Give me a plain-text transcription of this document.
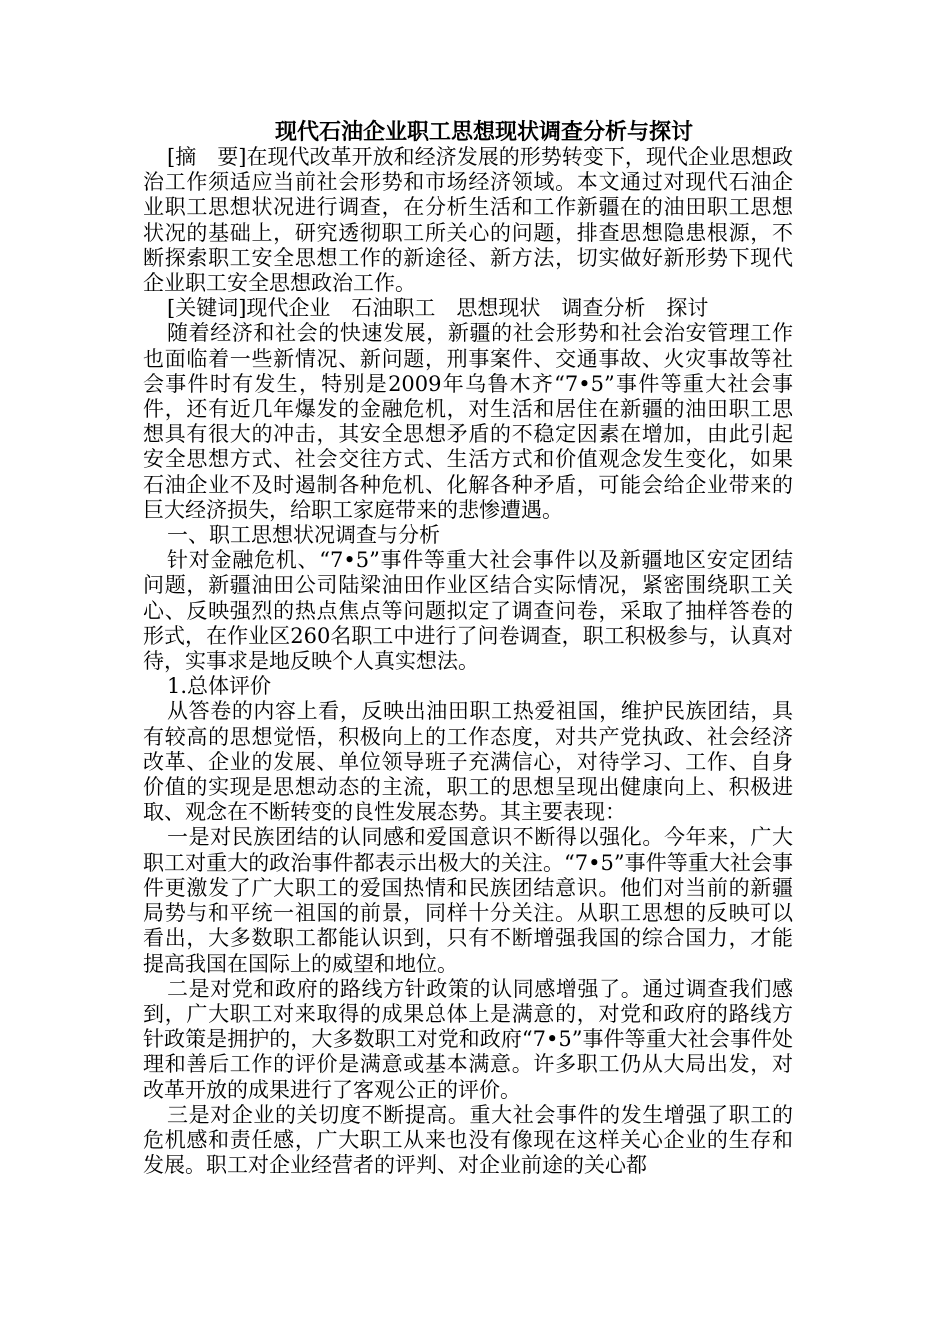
现代石油企业职工思想现状调查分析与探讨

[摘　要]在现代改革开放和经济发展的形势转变下，现代企业思想政治工作须适应当前社会形势和市场经济领域。本文通过对现代石油企业职工思想状况进行调查，在分析生活和工作新疆在的油田职工思想状况的基础上，研究透彻职工所关心的问题，排查思想隐患根源，不断探索职工安全思想工作的新途径、新方法，切实做好新形势下现代企业职工安全思想政治工作。

[关键词]现代企业　石油职工　思想现状　调查分析　探讨

随着经济和社会的快速发展，新疆的社会形势和社会治安管理工作也面临着一些新情况、新问题，刑事案件、交通事故、火灾事故等社会事件时有发生，特别是2009年乌鲁木齐“7•5”事件等重大社会事件，还有近几年爆发的金融危机，对生活和居住在新疆的油田职工思想具有很大的冲击，其安全思想矛盾的不稳定因素在增加，由此引起安全思想方式、社会交往方式、生活方式和价值观念发生变化，如果石油企业不及时遏制各种危机、化解各种矛盾，可能会给企业带来的巨大经济损失，给职工家庭带来的悲惨遭遇。

一、职工思想状况调查与分析

针对金融危机、“7•5”事件等重大社会事件以及新疆地区安定团结问题，新疆油田公司陆梁油田作业区结合实际情况，紧密围绕职工关心、反映强烈的热点焦点等问题拟定了调查问卷，采取了抽样答卷的形式，在作业区260名职工中进行了问卷调查，职工积极参与，认真对待，实事求是地反映个人真实想法。

1.总体评价

从答卷的内容上看，反映出油田职工热爱祖国，维护民族团结，具有较高的思想觉悟，积极向上的工作态度，对共产党执政、社会经济改革、企业的发展、单位领导班子充满信心，对待学习、工作、自身价值的实现是思想动态的主流，职工的思想呈现出健康向上、积极进取、观念在不断转变的良性发展态势。其主要表现：

一是对民族团结的认同感和爱国意识不断得以强化。今年来，广大职工对重大的政治事件都表示出极大的关注。“7•5”事件等重大社会事件更激发了广大职工的爱国热情和民族团结意识。他们对当前的新疆局势与和平统一祖国的前景，同样十分关注。从职工思想的反映可以看出，大多数职工都能认识到，只有不断增强我国的综合国力，才能提高我国在国际上的威望和地位。

二是对党和政府的路线方针政策的认同感增强了。通过调查我们感到，广大职工对来取得的成果总体上是满意的，对党和政府的路线方针政策是拥护的，大多数职工对党和政府“7•5”事件等重大社会事件处理和善后工作的评价是满意或基本满意。许多职工仍从大局出发，对改革开放的成果进行了客观公正的评价。

三是对企业的关切度不断提高。重大社会事件的发生增强了职工的危机感和责任感，广大职工从来也没有像现在这样关心企业的生存和发展。职工对企业经营者的评判、对企业前途的关心都
